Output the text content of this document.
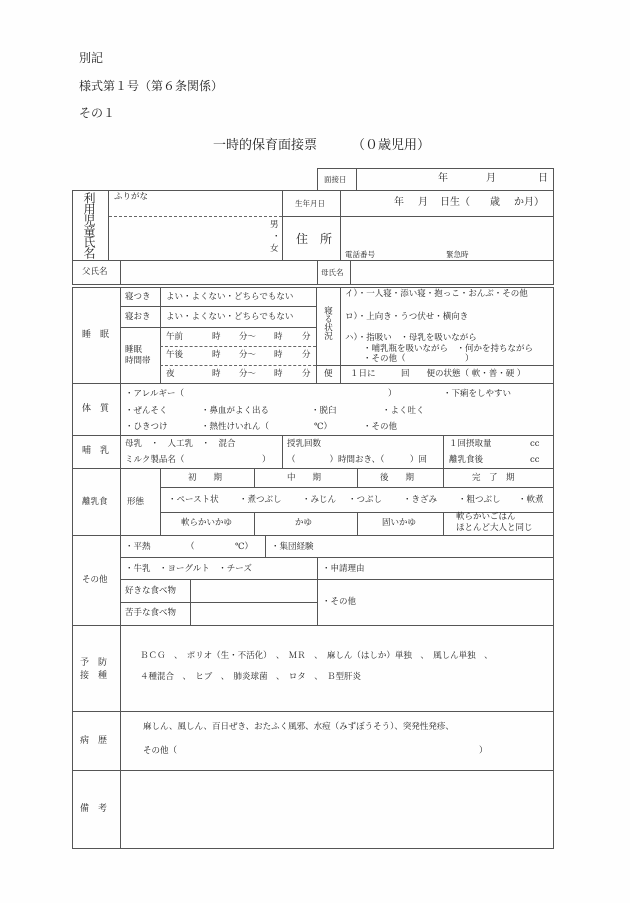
別記
様式第１号（第６条関係）
その１
一時的保育面接票	（０歳児用）
面接日	年	月	日
利用児童氏名 ふりがな
男
・
女
生年月日	年 月 日生（ 歳 か月）
住　所
電話番号	緊急時
父氏名	母氏名
睡　眠
寝つき よい・よくない・どちらでもない
寝おき よい・よくない・どちらでもない
睡眠
時間帯
午前	時 分～ 時 分
午後	時 分～ 時 分
夜	時 分～ 時 分
寝る状況
イ）・一人寝・添い寝・抱っこ・おんぶ・その他
ロ）・上向き・うつ伏せ・横向き
ハ）・指吸い　・母乳を吸いながら
・哺乳瓶を吸いながら　・何かを持ちながら
・その他（　　　　　　　）
便 １日に　　　回　　便の状態（ 軟・普・硬 ）
体　質
・アレルギー（	）	・下痢をしやすい
・ぜんそく	・鼻血がよく出る	・脱臼	・よく吐く
・ひきつけ	・熱性けいれん（	℃）	・その他
哺　乳
母乳　・　人工乳　・　混合
ミルク製品名（	）
授乳回数
（　　　　）時間おき、（　　　）回
１回摂取量	cc
離乳食後	cc
離乳食 形態
初　　期	中　　期	後　　期	完　了　期
・ペースト状 ・煮つぶし ・みじん ・つぶし ・きざみ ・粗つぶし ・軟煮
軟らかいかゆ	かゆ	固いかゆ
軟らかいごはん
ほとんど大人と同じ
その他
・平熱	（	℃） ・集団経験
・牛乳　・ヨーグルト　・チーズ	・申請理由
好きな食べ物
苦手な食べ物
・その他
予　防
接　種
ＢＣＧ　、　ポリオ（生・不活化）　、　ＭＲ　、　麻しん（はしか）単独　、　風しん単独　、
４種混合　、　ヒブ　、　肺炎球菌　、　ロタ　、　Ｂ型肝炎
病　歴
麻しん、風しん、百日ぜき、おたふく風邪、水痘（みずぼうそう）、突発性発疹、
その他（	）
備　考
